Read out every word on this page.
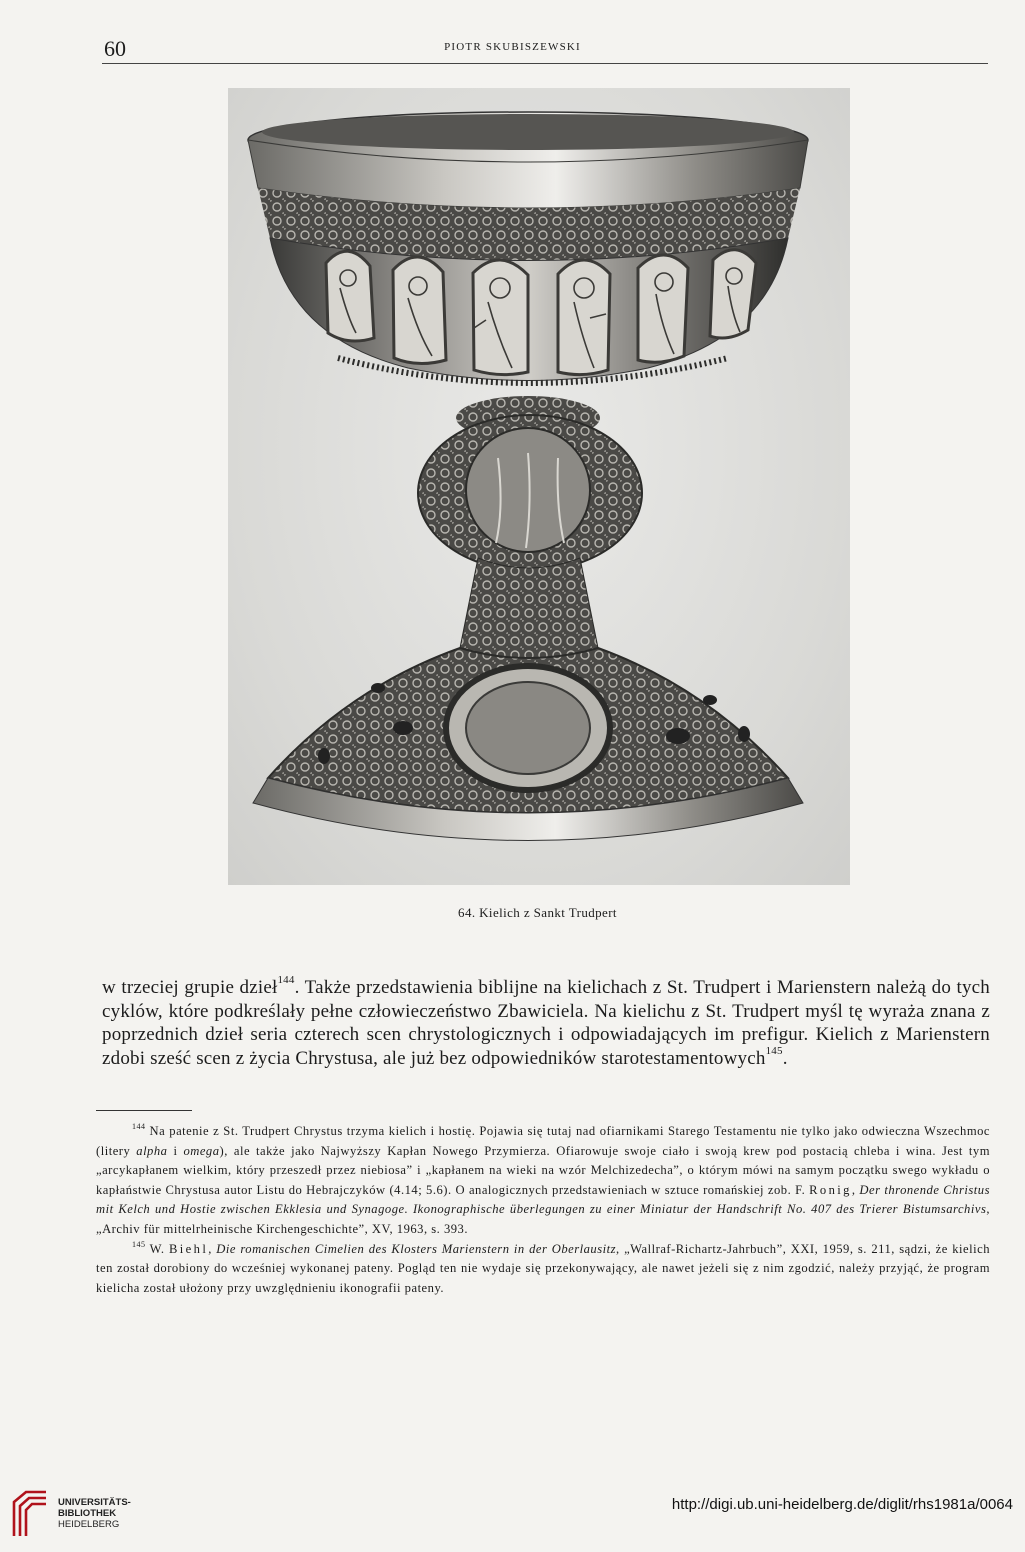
60	PIOTR SKUBISZEWSKI
64. Kielich z Sankt Trudpert

w trzeciej grupie dzieł$^{144}$. Także przedstawienia biblijne na kielichach z St. Trudpert i Marienstern należą do tych cyklów, które podkreślały pełne człowieczeństwo Zbawiciela. Na kielichu z St. Trudpert myśl tę wyraża znana z poprzednich dzieł seria czterech scen chrystologicznych i odpowiadających im prefigur. Kielich z Marienstern zdobi sześć scen z życia Chrystusa, ale już bez odpowiedników starotestamentowych$^{145}$.

$^{144}$ Na patenie z St. Trudpert Chrystus trzyma kielich i hostię. Pojawia się tutaj nad ofiarnikami Starego Testamentu nie tylko jako odwieczna Wszechmoc (litery alpha i omega), ale także jako Najwyższy Kapłan Nowego Przymierza. Ofiarowuje swoje ciało i swoją krew pod postacią chleba i wina. Jest tym „arcykapłanem wielkim, który przeszedł przez niebiosa” i „kapłanem na wieki na wzór Melchizedecha”, o którym mówi na samym początku swego wykładu o kapłaństwie Chrystusa autor Listu do Hebrajczyków (4.14; 5.6). O analogicznych przedstawieniach w sztuce romańskiej zob. F. Ronig, Der thronende Christus mit Kelch und Hostie zwischen Ekklesia und Synagoge. Ikonographische überlegungen zu einer Miniatur der Handschrift No. 407 des Trierer Bistumsarchivs, „Archiv für mittelrheinische Kirchengeschichte”, XV, 1963, s. 393.

$^{145}$ W. Biehl, Die romanischen Cimelien des Klosters Marienstern in der Oberlausitz, „Wallraf-Richartz-Jahrbuch”, XXI, 1959, s. 211, sądzi, że kielich ten został dorobiony do wcześniej wykonanej pateny. Pogląd ten nie wydaje się przekonywający, ale nawet jeżeli się z nim zgodzić, należy przyjąć, że program kielicha został ułożony przy uwzględnieniu ikonografii pateny.

UNIVERSITÄTS-
BIBLIOTHEK
HEIDELBERG
http://digi.ub.uni-heidelberg.de/diglit/rhs1981a/0064
